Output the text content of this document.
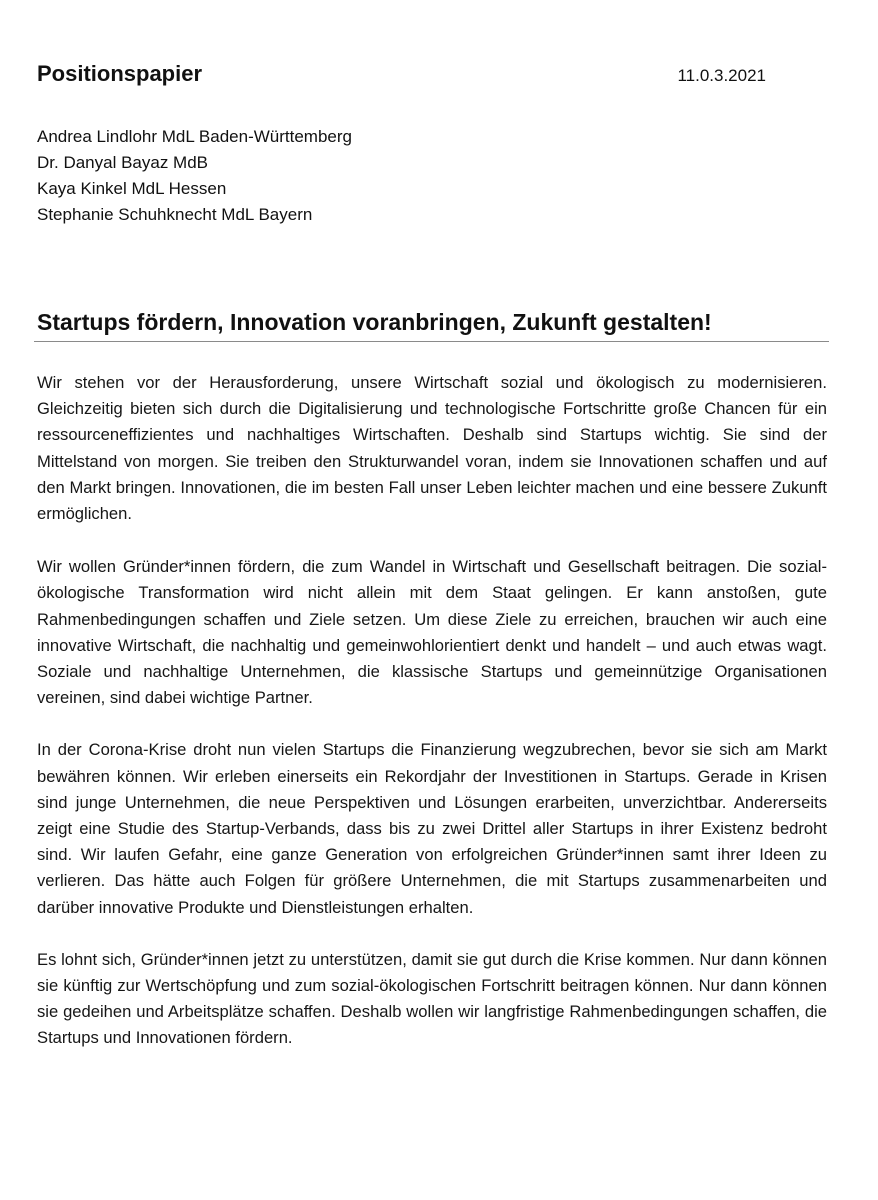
Positionspapier	11.0.3.2021
Andrea Lindlohr MdL Baden-Württemberg
Dr. Danyal Bayaz MdB
Kaya Kinkel MdL Hessen
Stephanie Schuhknecht MdL Bayern
Startups fördern, Innovation voranbringen, Zukunft gestalten!

Wir stehen vor der Herausforderung, unsere Wirtschaft sozial und ökologisch zu modernisieren. Gleichzeitig bieten sich durch die Digitalisierung und technologische Fortschritte große Chancen für ein ressourceneffizientes und nachhaltiges Wirtschaften. Deshalb sind Startups wichtig. Sie sind der Mittelstand von morgen. Sie treiben den Strukturwandel voran, indem sie Innovationen schaffen und auf den Markt bringen. Innovationen, die im besten Fall unser Leben leichter machen und eine bessere Zukunft ermöglichen.

Wir wollen Gründer*innen fördern, die zum Wandel in Wirtschaft und Gesellschaft beitragen. Die sozial-ökologische Transformation wird nicht allein mit dem Staat gelingen. Er kann anstoßen, gute Rahmenbedingungen schaffen und Ziele setzen. Um diese Ziele zu erreichen, brauchen wir auch eine innovative Wirtschaft, die nachhaltig und gemeinwohlorientiert denkt und handelt – und auch etwas wagt. Soziale und nachhaltige Unternehmen, die klassische Startups und gemeinnützige Organisationen vereinen, sind dabei wichtige Partner.

In der Corona-Krise droht nun vielen Startups die Finanzierung wegzubrechen, bevor sie sich am Markt bewähren können. Wir erleben einerseits ein Rekordjahr der Investitionen in Startups. Gerade in Krisen sind junge Unternehmen, die neue Perspektiven und Lösungen erarbeiten, unverzichtbar. Andererseits zeigt eine Studie des Startup-Verbands, dass bis zu zwei Drittel aller Startups in ihrer Existenz bedroht sind. Wir laufen Gefahr, eine ganze Generation von erfolgreichen Gründer*innen samt ihrer Ideen zu verlieren. Das hätte auch Folgen für größere Unternehmen, die mit Startups zusammenarbeiten und darüber innovative Produkte und Dienstleistungen erhalten.

Es lohnt sich, Gründer*innen jetzt zu unterstützen, damit sie gut durch die Krise kommen. Nur dann können sie künftig zur Wertschöpfung und zum sozial-ökologischen Fortschritt beitragen können. Nur dann können sie gedeihen und Arbeitsplätze schaffen. Deshalb wollen wir langfristige Rahmenbedingungen schaffen, die Startups und Innovationen fördern.
